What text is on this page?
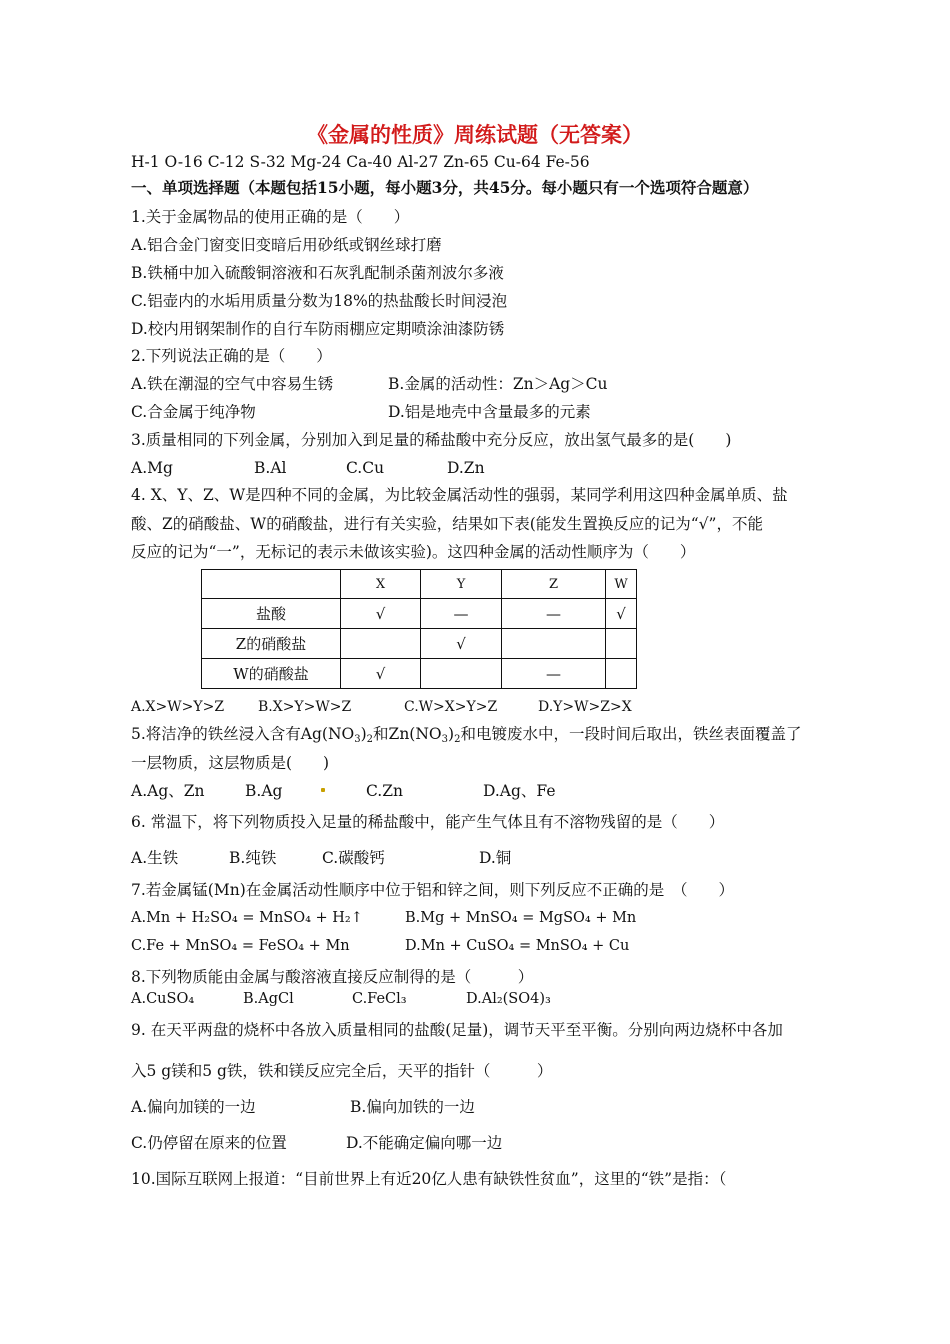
《金属的性质》周练试题（无答案）
H-1 O-16 C-12 S-32 Mg-24 Ca-40 Al-27 Zn-65 Cu-64 Fe-56
一、单项选择题（本题包括15小题，每小题3分，共45分。每小题只有一个选项符合题意）
1.关于金属物品的使用正确的是（　　）
A.铝合金门窗变旧变暗后用砂纸或钢丝球打磨
B.铁桶中加入硫酸铜溶液和石灰乳配制杀菌剂波尔多液
C.铝壶内的水垢用质量分数为18%的热盐酸长时间浸泡
D.校内用钢架制作的自行车防雨棚应定期喷涂油漆防锈
2.下列说法正确的是（　　）
A.铁在潮湿的空气中容易生锈	B.金属的活动性：Zn＞Ag＞Cu
C.合金属于纯净物	D.铝是地壳中含量最多的元素
3.质量相同的下列金属，分别加入到足量的稀盐酸中充分反应，放出氢气最多的是(　　)
A.Mg	B.Al	C.Cu	D.Zn
4. X、Y、Z、W是四种不同的金属，为比较金属活动性的强弱，某同学利用这四种金属单质、盐
酸、Z的硝酸盐、W的硝酸盐，进行有关实验，结果如下表(能发生置换反应的记为“√”，不能
反应的记为“一”，无标记的表示未做该实验)。这四种金属的活动性顺序为（　　）
	X	Y	Z	W
盐酸	√	—	—	√
Z的硝酸盐		√		
W的硝酸盐	√		—	
A.X>W>Y>Z B.X>Y>W>Z	C.W>X>Y>Z	D.Y>W>Z>X
5.将洁净的铁丝浸入含有$Ag(NO_3)_2$和$Zn(NO_3)_2$和电镀废水中，一段时间后取出，铁丝表面覆盖了
一层物质，这层物质是(　　)
A.Ag、Zn	B.Ag	C.Zn	D.Ag、Fe
6. 常温下，将下列物质投入足量的稀盐酸中，能产生气体且有不溶物残留的是（　　）
A.生铁	B.纯铁	C.碳酸钙	D.铜
7.若金属锰(Mn)在金属活动性顺序中位于铝和锌之间，则下列反应不正确的是　（　　）
A.Mn + H₂SO₄ = MnSO₄ + H₂↑	B.Mg + MnSO₄ = MgSO₄ + Mn
C.Fe + MnSO₄ = FeSO₄ + Mn	D.Mn + CuSO₄ = MnSO₄ + Cu
8.下列物质能由金属与酸溶液直接反应制得的是（　　　）
A.CuSO₄	B.AgCl	C.FeCl₃	D.Al₂(SO4)₃
9. 在天平两盘的烧杯中各放入质量相同的盐酸(足量)，调节天平至平衡。分别向两边烧杯中各加
入5 g镁和5 g铁，铁和镁反应完全后，天平的指针（　　　）
A.偏向加镁的一边	B.偏向加铁的一边
C.仍停留在原来的位置	D.不能确定偏向哪一边
10.国际互联网上报道：“目前世界上有近20亿人患有缺铁性贫血”，这里的“铁”是指：（
